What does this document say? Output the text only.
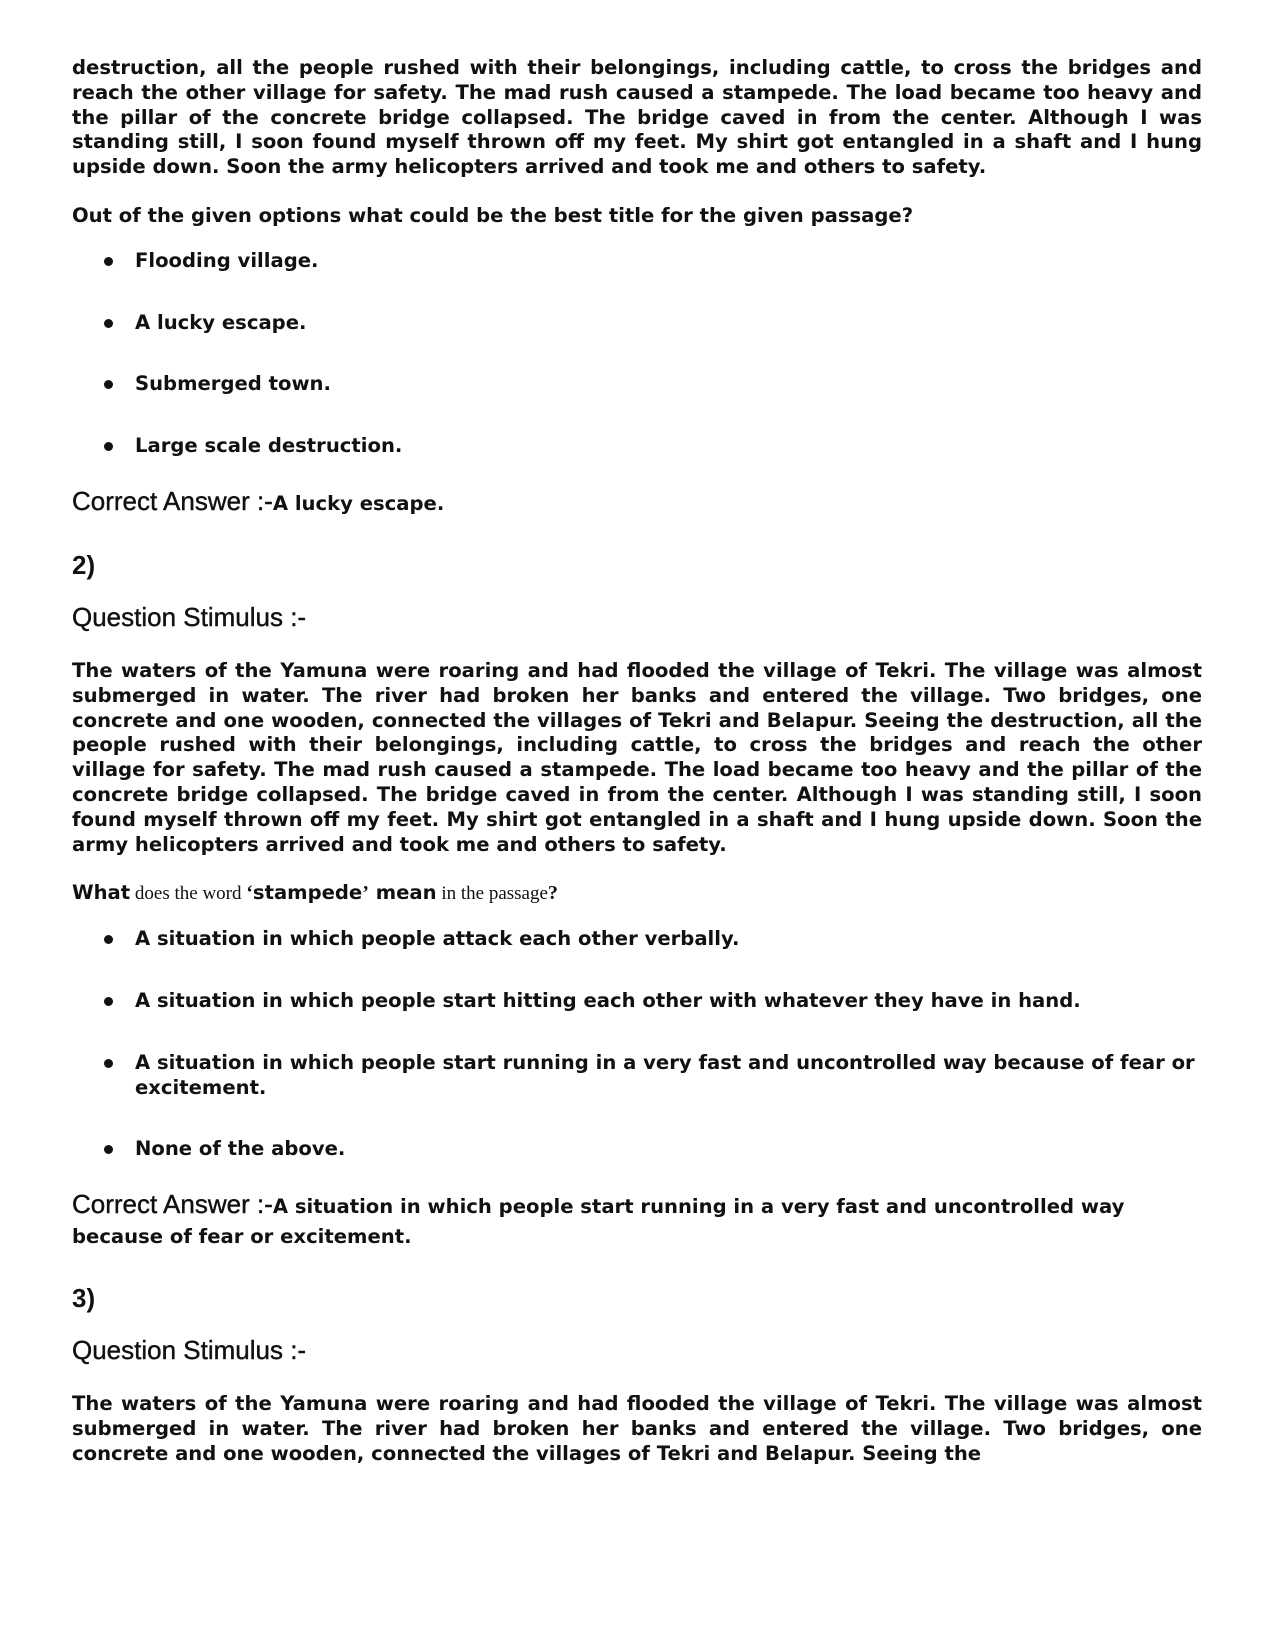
destruction, all the people rushed with their belongings, including cattle, to cross the bridges and reach the other village for safety. The mad rush caused a stampede. The load became too heavy and the pillar of the concrete bridge collapsed. The bridge caved in from the center. Although I was standing still, I soon found myself thrown off my feet. My shirt got entangled in a shaft and I hung upside down. Soon the army helicopters arrived and took me and others to safety.

Out of the given options what could be the best title for the given passage?

Flooding village.
A lucky escape.
Submerged town.
Large scale destruction.

Correct Answer :-A lucky escape.

2)
Question Stimulus :-

The waters of the Yamuna were roaring and had flooded the village of Tekri. The village was almost submerged in water. The river had broken her banks and entered the village. Two bridges, one concrete and one wooden, connected the villages of Tekri and Belapur. Seeing the destruction, all the people rushed with their belongings, including cattle, to cross the bridges and reach the other village for safety. The mad rush caused a stampede. The load became too heavy and the pillar of the concrete bridge collapsed. The bridge caved in from the center. Although I was standing still, I soon found myself thrown off my feet. My shirt got entangled in a shaft and I hung upside down. Soon the army helicopters arrived and took me and others to safety.

What does the word ‘stampede’ mean in the passage?

A situation in which people attack each other verbally.
A situation in which people start hitting each other with whatever they have in hand.
A situation in which people start running in a very fast and uncontrolled way because of fear or excitement.
None of the above.

Correct Answer :-A situation in which people start running in a very fast and uncontrolled way because of fear or excitement.

3)
Question Stimulus :-

The waters of the Yamuna were roaring and had flooded the village of Tekri. The village was almost submerged in water. The river had broken her banks and entered the village. Two bridges, one concrete and one wooden, connected the villages of Tekri and Belapur. Seeing the
